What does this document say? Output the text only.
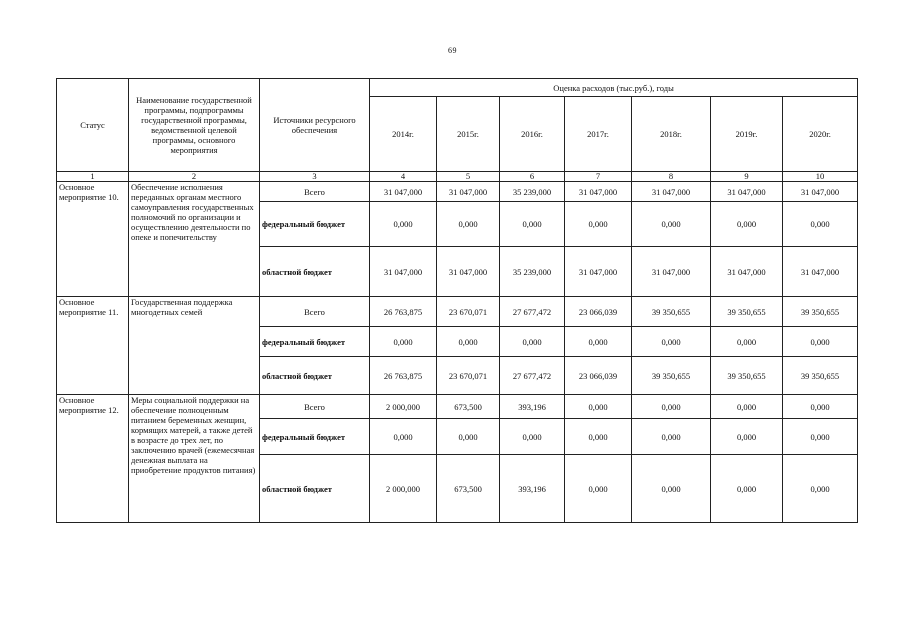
69
Статус	Наименование государственной программы, подпрограммы государственной программы, ведомственной целевой программы, основного мероприятия	Источники ресурсного обеспечения	Оценка расходов (тыс.руб.), годы						
			2014г.	2015г.	2016г.	2017г.	2018г.	2019г.	2020г.
1	2	3	4	5	6	7	8	9	10
Основное мероприятие 10.	Обеспечение исполнения переданных органам местного самоуправления государственных полномочий по организации и осуществлению деятельности по опеке и попечительству	Всего	31 047,000	31 047,000	35 239,000	31 047,000	31 047,000	31 047,000	31 047,000
		федеральный бюджет	0,000	0,000	0,000	0,000	0,000	0,000	0,000
		областной бюджет	31 047,000	31 047,000	35 239,000	31 047,000	31 047,000	31 047,000	31 047,000
Основное мероприятие 11.	Государственная поддержка многодетных семей	Всего	26 763,875	23 670,071	27 677,472	23 066,039	39 350,655	39 350,655	39 350,655
		федеральный бюджет	0,000	0,000	0,000	0,000	0,000	0,000	0,000
		областной бюджет	26 763,875	23 670,071	27 677,472	23 066,039	39 350,655	39 350,655	39 350,655
Основное мероприятие 12.	Меры социальной поддержки на обеспечение полноценным питанием беременных женщин, кормящих матерей, а также детей в возрасте до трех лет, по заключению врачей (ежемесячная денежная выплата на приобретение продуктов питания)	Всего	2 000,000	673,500	393,196	0,000	0,000	0,000	0,000
		федеральный бюджет	0,000	0,000	0,000	0,000	0,000	0,000	0,000
		областной бюджет	2 000,000	673,500	393,196	0,000	0,000	0,000	0,000
